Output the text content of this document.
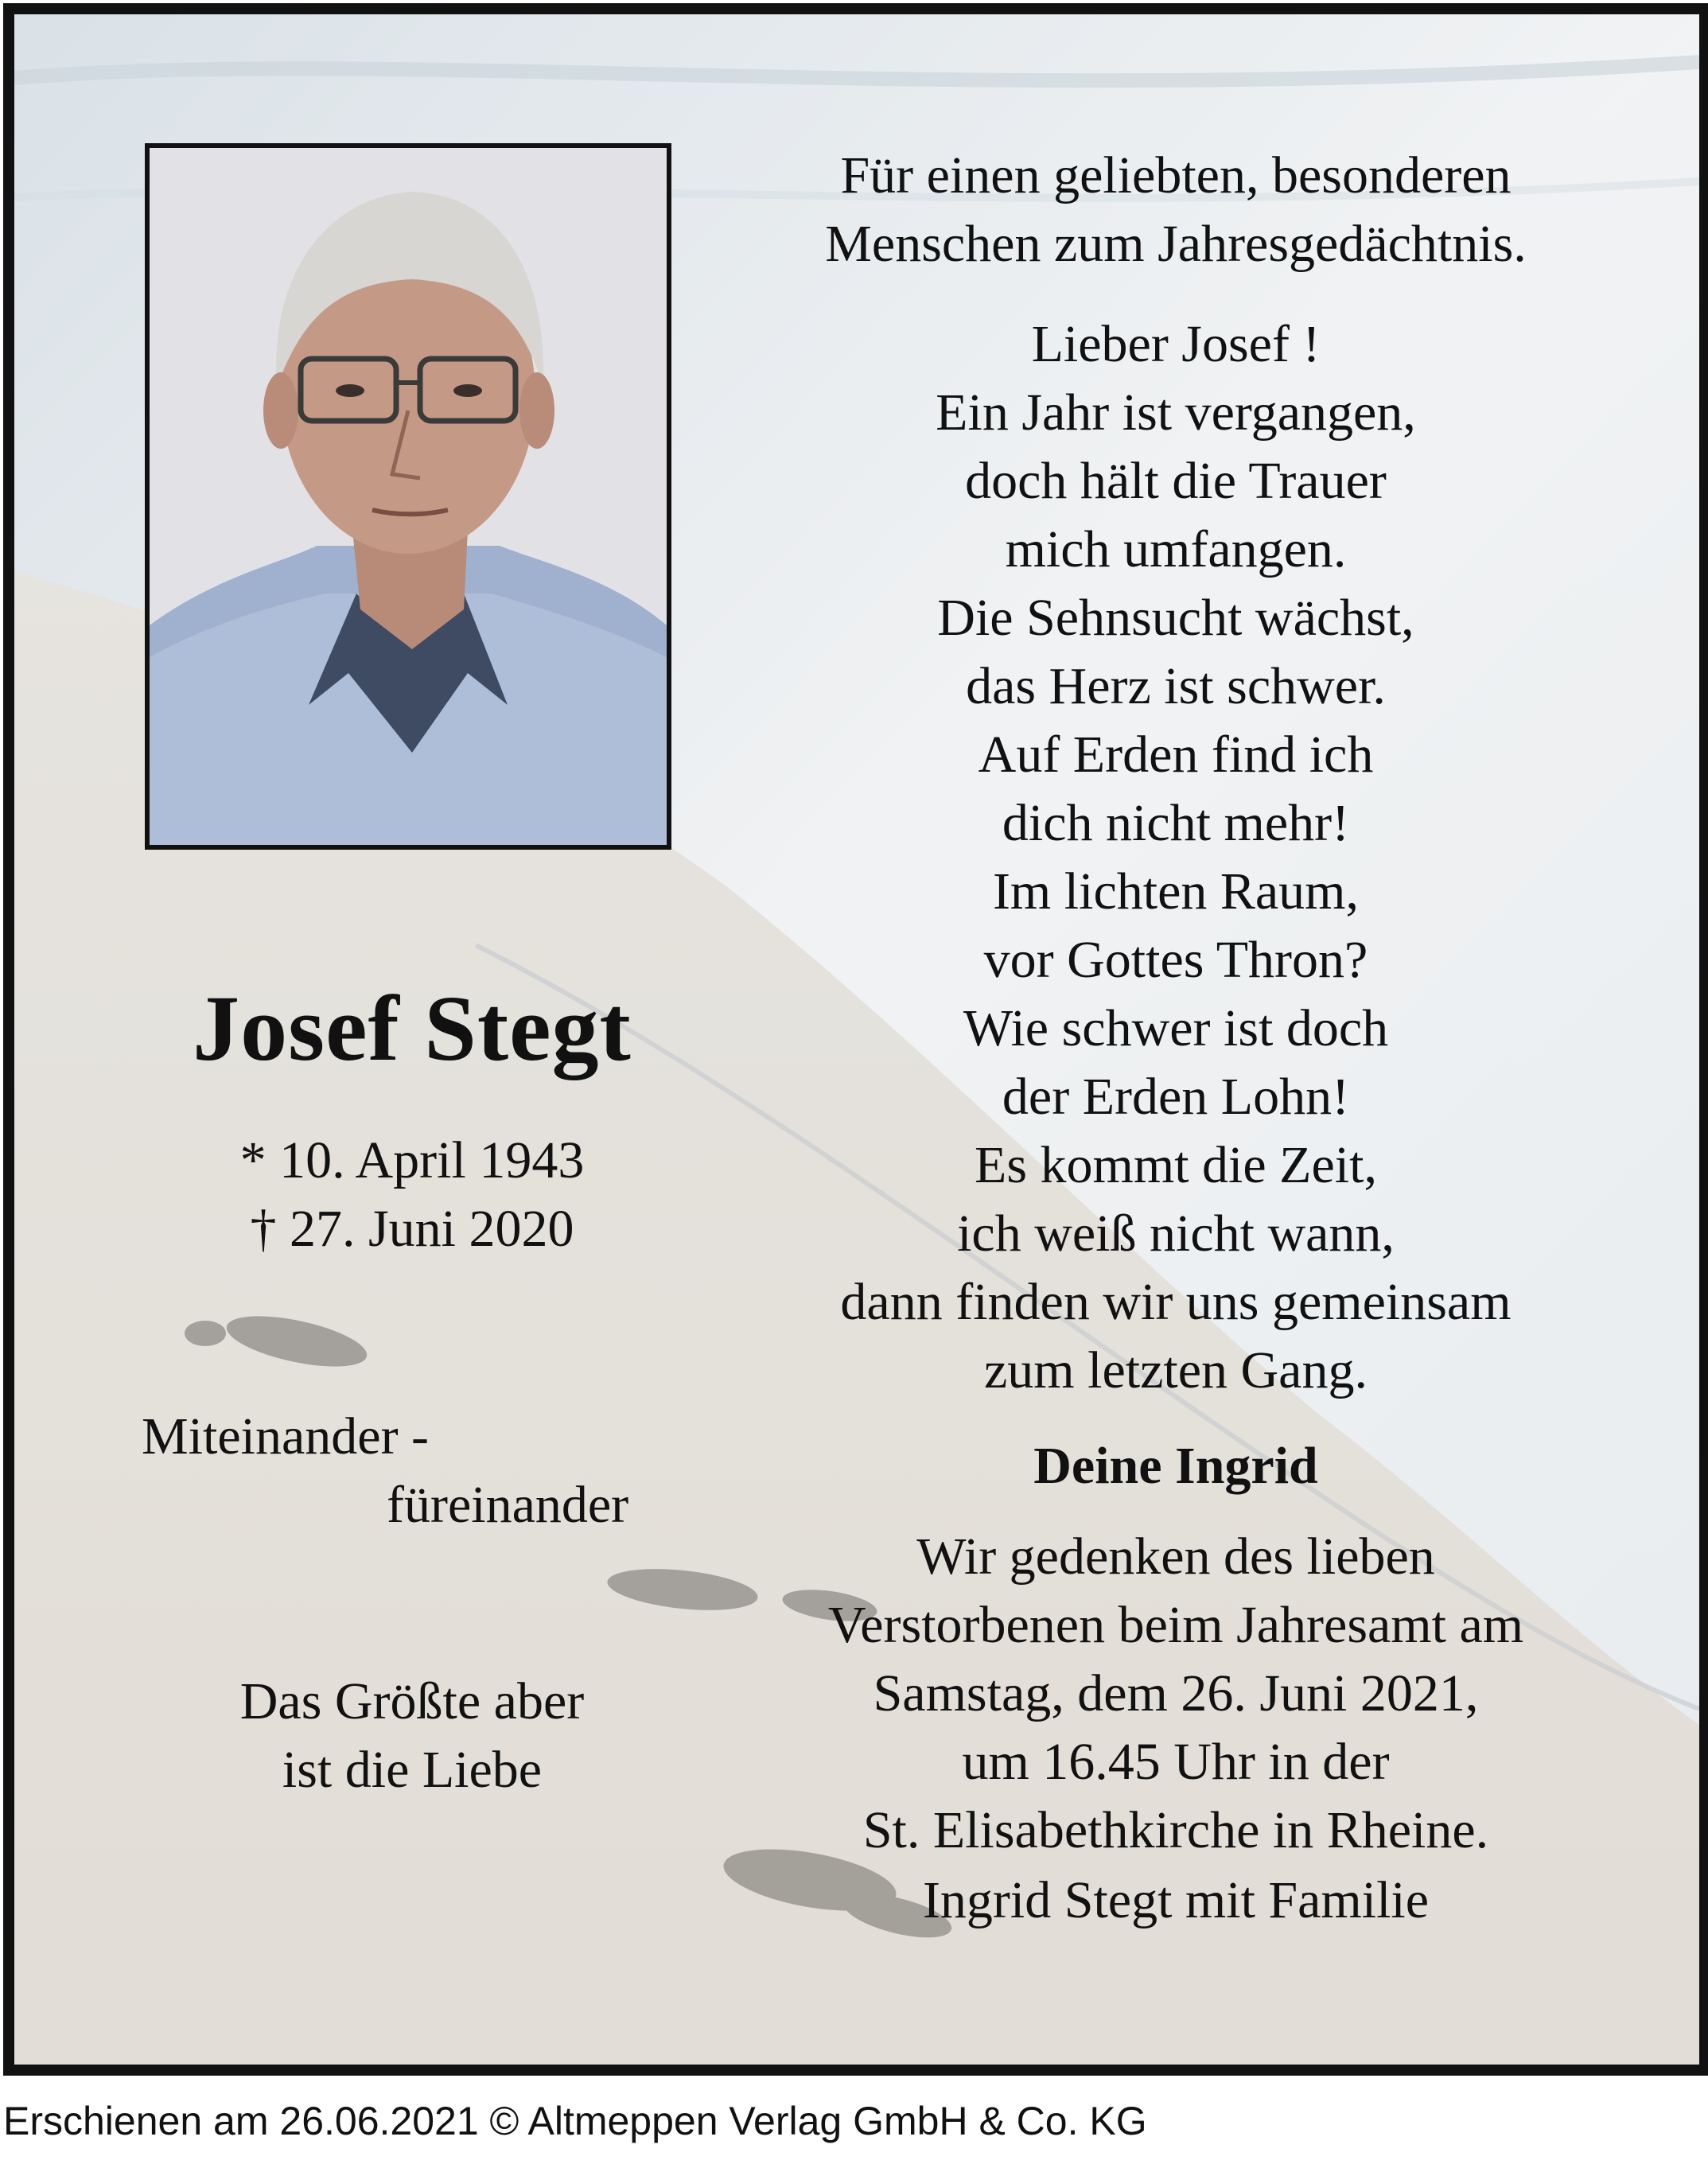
Josef Stegt
* 10. April 1943
† 27. Juni 2020
Miteinander -
füreinander
Das Größte aber
ist die Liebe
Für einen geliebten, besonderen
Menschen zum Jahresgedächtnis.
Lieber Josef !
Ein Jahr ist vergangen,
doch hält die Trauer
mich umfangen.
Die Sehnsucht wächst,
das Herz ist schwer.
Auf Erden find ich
dich nicht mehr!
Im lichten Raum,
vor Gottes Thron?
Wie schwer ist doch
der Erden Lohn!
Es kommt die Zeit,
ich weiß nicht wann,
dann finden wir uns gemeinsam
zum letzten Gang.
Deine Ingrid
Wir gedenken des lieben
Verstorbenen beim Jahresamt am
Samstag, dem 26. Juni 2021,
um 16.45 Uhr in der
St. Elisabethkirche in Rheine.
Ingrid Stegt mit Familie
Erschienen am 26.06.2021 © Altmeppen Verlag GmbH & Co. KG
